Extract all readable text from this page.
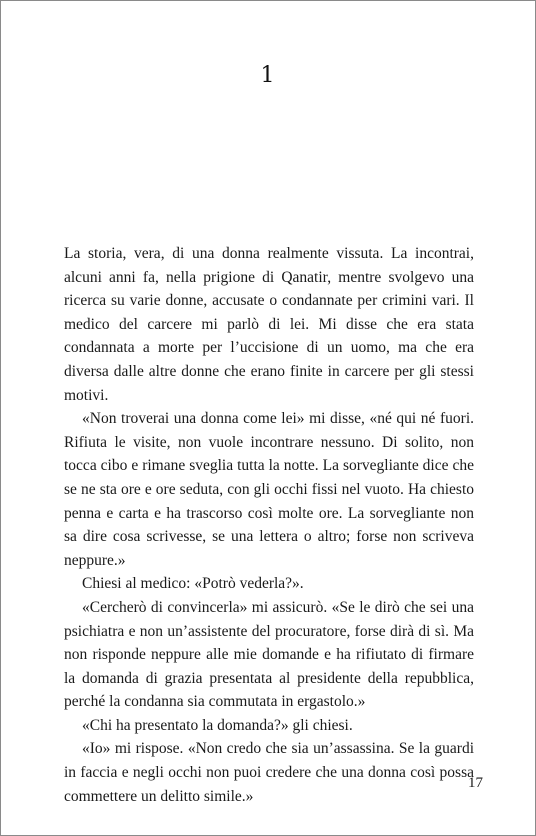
1

La storia, vera, di una donna realmente vissuta. La incontrai, alcuni anni fa, nella prigione di Qanatir, mentre svolgevo una ricerca su varie donne, accusate o condannate per crimini vari. Il medico del carcere mi parlò di lei. Mi disse che era stata condannata a morte per l’uccisione di un uomo, ma che era diversa dalle altre donne che erano finite in carcere per gli stessi motivi.

«Non troverai una donna come lei» mi disse, «né qui né fuori. Rifiuta le visite, non vuole incontrare nessuno. Di solito, non tocca cibo e rimane sveglia tutta la notte. La sorvegliante dice che se ne sta ore e ore seduta, con gli occhi fissi nel vuoto. Ha chiesto penna e carta e ha trascorso così molte ore. La sorvegliante non sa dire cosa scrivesse, se una lettera o altro; forse non scriveva neppure.»

Chiesi al medico: «Potrò vederla?».

«Cercherò di convincerla» mi assicurò. «Se le dirò che sei una psichiatra e non un’assistente del procuratore, forse dirà di sì. Ma non risponde neppure alle mie domande e ha rifiutato di firmare la domanda di grazia presentata al presidente della repubblica, perché la condanna sia commutata in ergastolo.»

«Chi ha presentato la domanda?» gli chiesi.

«Io» mi rispose. «Non credo che sia un’assassina. Se la guardi in faccia e negli occhi non puoi credere che una donna così possa commettere un delitto simile.»

17
